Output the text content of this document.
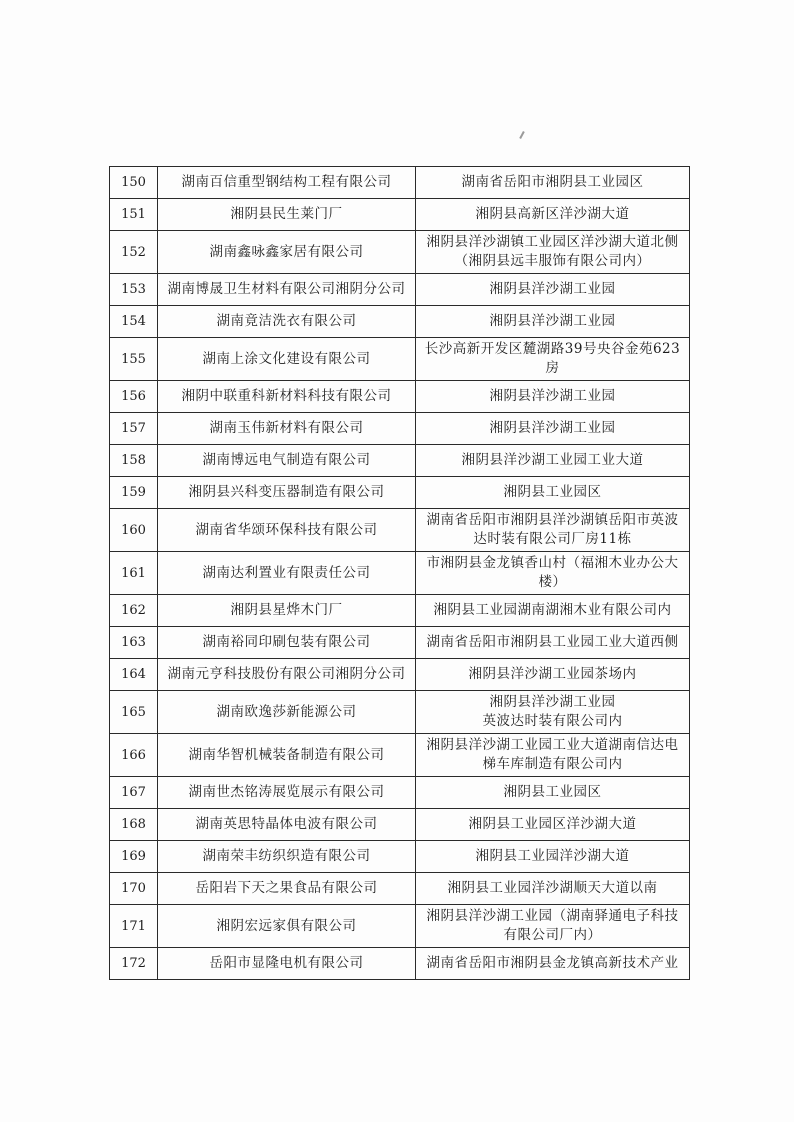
150	湖南百信重型钢结构工程有限公司	湖南省岳阳市湘阴县工业园区

151	湘阴县民生莱门厂	湘阴县高新区洋沙湖大道

152	湖南鑫咏鑫家居有限公司	湘阴县洋沙湖镇工业园区洋沙湖大道北侧
（湘阴县远丰服饰有限公司内）

153	湖南博晟卫生材料有限公司湘阴分公司	湘阴县洋沙湖工业园

154	湖南竟洁洗衣有限公司	湘阴县洋沙湖工业园

155	湖南上涂文化建设有限公司	长沙高新开发区麓湖路39号央谷金苑623
房

156	湘阴中联重科新材料科技有限公司	湘阴县洋沙湖工业园

157	湖南玉伟新材料有限公司	湘阴县洋沙湖工业园

158	湖南博远电气制造有限公司	湘阴县洋沙湖工业园工业大道

159	湘阴县兴科变压器制造有限公司	湘阴县工业园区

160	湖南省华颂环保科技有限公司	湖南省岳阳市湘阴县洋沙湖镇岳阳市英波
达时装有限公司厂房11栋

161	湖南达利置业有限责任公司	市湘阴县金龙镇香山村（福湘木业办公大
楼）

162	湘阴县星烨木门厂	湘阴县工业园湖南湖湘木业有限公司内

163	湖南裕同印刷包装有限公司	湖南省岳阳市湘阴县工业园工业大道西侧

164	湖南元亨科技股份有限公司湘阴分公司	湘阴县洋沙湖工业园茶场内

165	湖南欧逸莎新能源公司	湘阴县洋沙湖工业园
英波达时装有限公司内

166	湖南华智机械装备制造有限公司	湘阴县洋沙湖工业园工业大道湖南信达电
梯车库制造有限公司内

167	湖南世杰铭涛展览展示有限公司	湘阴县工业园区

168	湖南英思特晶体电波有限公司	湘阴县工业园区洋沙湖大道

169	湖南荣丰纺织织造有限公司	湘阴县工业园洋沙湖大道

170	岳阳岩下天之果食品有限公司	湘阴县工业园洋沙湖顺天大道以南

171	湘阴宏远家俱有限公司	湘阴县洋沙湖工业园（湖南驿通电子科技
有限公司厂内）

172	岳阳市显隆电机有限公司	湖南省岳阳市湘阴县金龙镇高新技术产业
